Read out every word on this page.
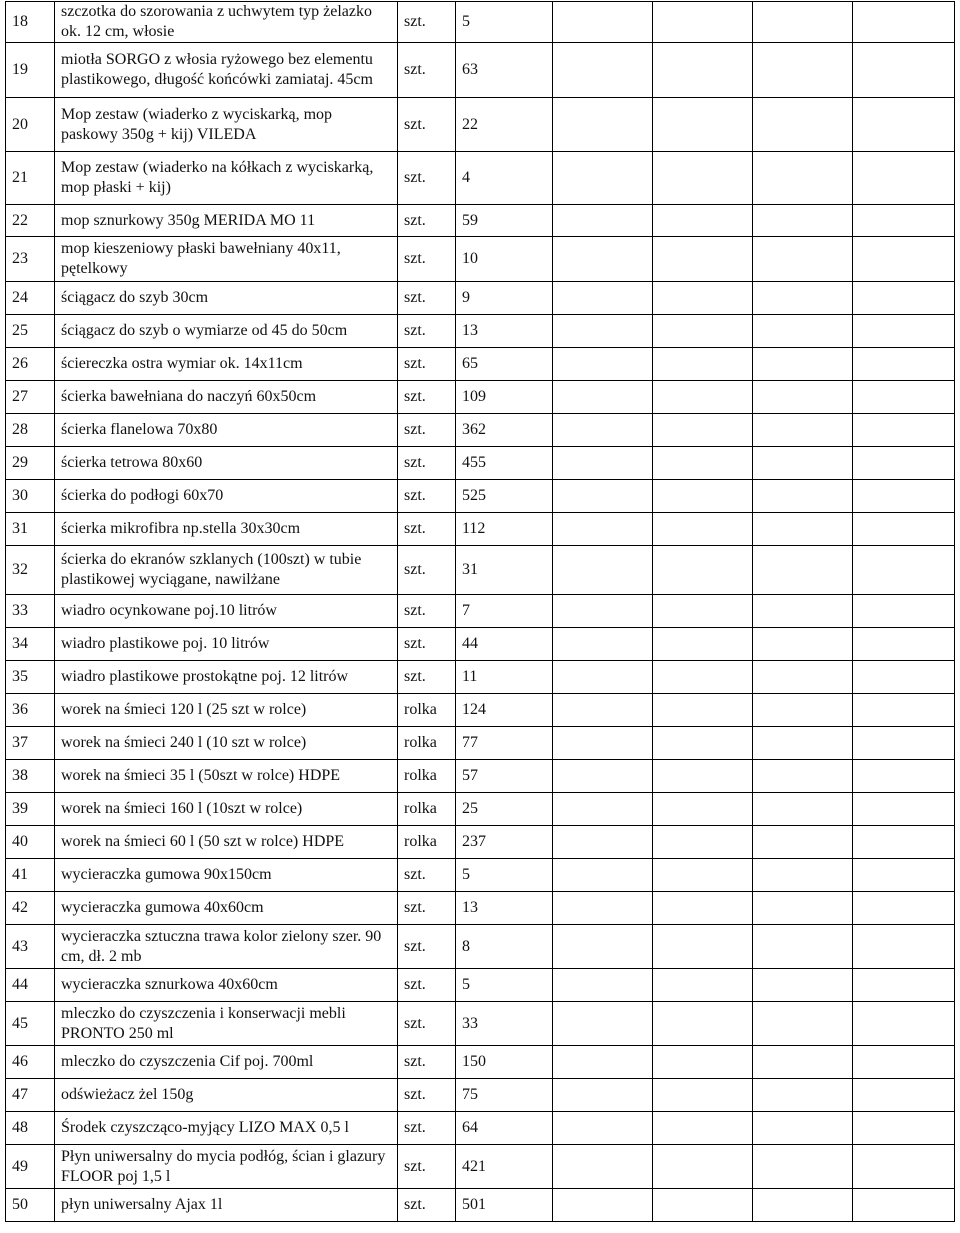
18	szczotka do szorowania z uchwytem typ żelazko ok. 12 cm, włosie	szt.	5				
19	miotła SORGO z włosia ryżowego bez elementu plastikowego, długość końcówki zamiataj. 45cm	szt.	63				
20	Mop zestaw (wiaderko z wyciskarką, mop paskowy 350g + kij) VILEDA	szt.	22				
21	Mop zestaw (wiaderko na kółkach z wyciskarką, mop płaski + kij)	szt.	4				
22	mop sznurkowy 350g MERIDA MO 11	szt.	59				
23	mop kieszeniowy płaski bawełniany 40x11, pętelkowy	szt.	10				
24	ściągacz do szyb 30cm	szt.	9				
25	ściągacz do szyb o wymiarze od 45 do 50cm	szt.	13				
26	ściereczka ostra wymiar ok. 14x11cm	szt.	65				
27	ścierka bawełniana do naczyń 60x50cm	szt.	109				
28	ścierka flanelowa 70x80	szt.	362				
29	ścierka tetrowa 80x60	szt.	455				
30	ścierka do podłogi 60x70	szt.	525				
31	ścierka mikrofibra np.stella 30x30cm	szt.	112				
32	ścierka do ekranów szklanych (100szt) w tubie plastikowej wyciągane, nawilżane	szt.	31				
33	wiadro ocynkowane poj.10 litrów	szt.	7				
34	wiadro plastikowe poj. 10 litrów	szt.	44				
35	wiadro plastikowe prostokątne poj. 12 litrów	szt.	11				
36	worek na śmieci 120 l (25 szt w rolce)	rolka	124				
37	worek na śmieci 240 l (10 szt w rolce)	rolka	77				
38	worek na śmieci 35 l (50szt w rolce) HDPE	rolka	57				
39	worek na śmieci 160 l (10szt w rolce)	rolka	25				
40	worek na śmieci 60 l (50 szt w rolce) HDPE	rolka	237				
41	wycieraczka gumowa 90x150cm	szt.	5				
42	wycieraczka gumowa 40x60cm	szt.	13				
43	wycieraczka sztuczna trawa kolor zielony szer. 90 cm, dł. 2 mb	szt.	8				
44	wycieraczka sznurkowa 40x60cm	szt.	5				
45	mleczko do czyszczenia i konserwacji mebli PRONTO 250 ml	szt.	33				
46	mleczko do czyszczenia Cif poj. 700ml	szt.	150				
47	odświeżacz żel 150g	szt.	75				
48	Środek czyszcząco-myjący LIZO MAX 0,5 l	szt.	64				
49	Płyn uniwersalny do mycia podłóg, ścian i glazury FLOOR poj 1,5 l	szt.	421				
50	płyn uniwersalny Ajax 1l	szt.	501				
